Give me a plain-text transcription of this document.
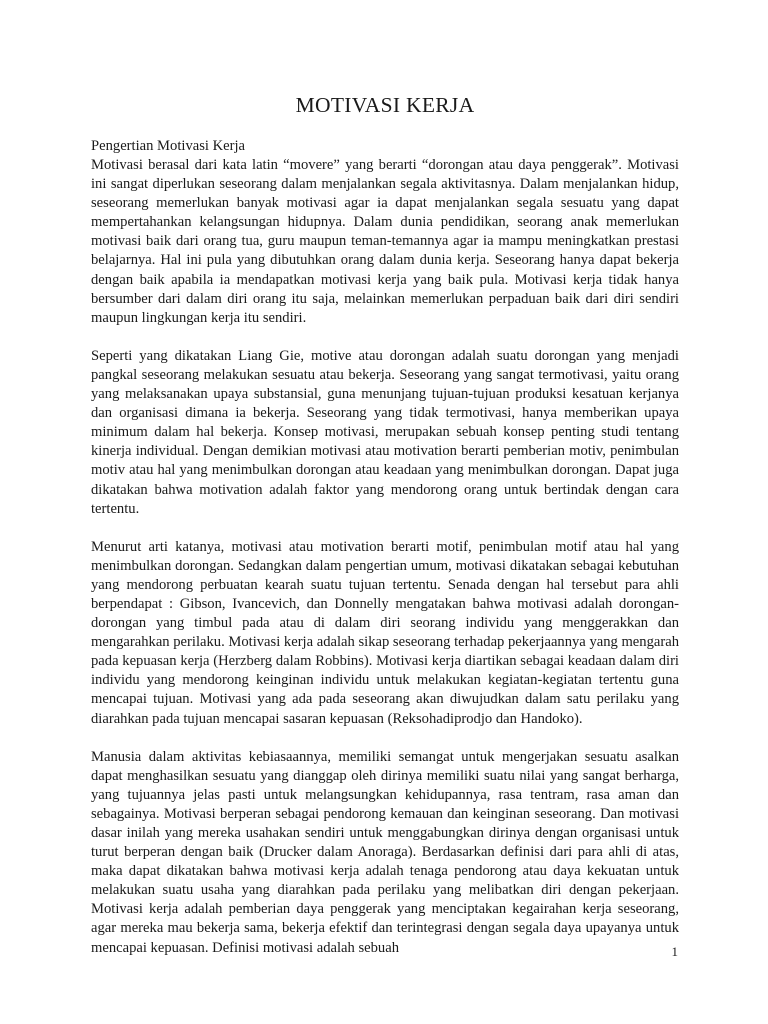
MOTIVASI KERJA

Pengertian Motivasi Kerja

Motivasi berasal dari kata latin “movere” yang berarti “dorongan atau daya penggerak”. Motivasi ini sangat diperlukan seseorang dalam menjalankan segala aktivitasnya. Dalam menjalankan hidup, seseorang memerlukan banyak motivasi agar ia dapat menjalankan segala sesuatu yang dapat mempertahankan kelangsungan hidupnya. Dalam dunia pendidikan, seorang anak memerlukan motivasi baik dari orang tua, guru maupun teman-temannya agar ia mampu meningkatkan prestasi belajarnya. Hal ini pula yang dibutuhkan orang dalam dunia kerja. Seseorang hanya dapat bekerja dengan baik apabila ia mendapatkan motivasi kerja yang baik pula. Motivasi kerja tidak hanya bersumber dari dalam diri orang itu saja, melainkan memerlukan perpaduan baik dari diri sendiri maupun lingkungan kerja itu sendiri.

Seperti yang dikatakan Liang Gie, motive atau dorongan adalah suatu dorongan yang menjadi pangkal seseorang melakukan sesuatu atau bekerja. Seseorang yang sangat termotivasi, yaitu orang yang melaksanakan upaya substansial, guna menunjang tujuan-tujuan produksi kesatuan kerjanya dan organisasi dimana ia bekerja. Seseorang yang tidak termotivasi, hanya memberikan upaya minimum dalam hal bekerja. Konsep motivasi, merupakan sebuah konsep penting studi tentang kinerja individual. Dengan demikian motivasi atau motivation berarti pemberian motiv, penimbulan motiv atau hal yang menimbulkan dorongan atau keadaan yang menimbulkan dorongan. Dapat juga dikatakan bahwa motivation adalah faktor yang mendorong orang untuk bertindak dengan cara tertentu.

Menurut arti katanya, motivasi atau motivation berarti motif, penimbulan motif atau hal yang menimbulkan dorongan. Sedangkan dalam pengertian umum, motivasi dikatakan sebagai kebutuhan yang mendorong perbuatan kearah suatu tujuan tertentu. Senada dengan hal tersebut para ahli berpendapat : Gibson, Ivancevich, dan Donnelly mengatakan bahwa motivasi adalah dorongan-dorongan yang timbul pada atau di dalam diri seorang individu yang menggerakkan dan mengarahkan perilaku. Motivasi kerja adalah sikap seseorang terhadap pekerjaannya yang mengarah pada kepuasan kerja (Herzberg dalam Robbins). Motivasi kerja diartikan sebagai keadaan dalam diri individu yang mendorong keinginan individu untuk melakukan kegiatan-kegiatan tertentu guna mencapai tujuan. Motivasi yang ada pada seseorang akan diwujudkan dalam satu perilaku yang diarahkan pada tujuan mencapai sasaran kepuasan (Reksohadiprodjo dan Handoko).

Manusia dalam aktivitas kebiasaannya, memiliki semangat untuk mengerjakan sesuatu asalkan dapat menghasilkan sesuatu yang dianggap oleh dirinya memiliki suatu nilai yang sangat berharga, yang tujuannya jelas pasti untuk melangsungkan kehidupannya, rasa tentram, rasa aman dan sebagainya. Motivasi berperan sebagai pendorong kemauan dan keinginan seseorang. Dan motivasi dasar inilah yang mereka usahakan sendiri untuk menggabungkan dirinya dengan organisasi untuk turut berperan dengan baik (Drucker dalam Anoraga). Berdasarkan definisi dari para ahli di atas, maka dapat dikatakan bahwa motivasi kerja adalah tenaga pendorong atau daya kekuatan untuk melakukan suatu usaha yang diarahkan pada perilaku yang melibatkan diri dengan pekerjaan. Motivasi kerja adalah pemberian daya penggerak yang menciptakan kegairahan kerja seseorang, agar mereka mau bekerja sama, bekerja efektif dan terintegrasi dengan segala daya upayanya untuk mencapai kepuasan. Definisi motivasi adalah sebuah	1
